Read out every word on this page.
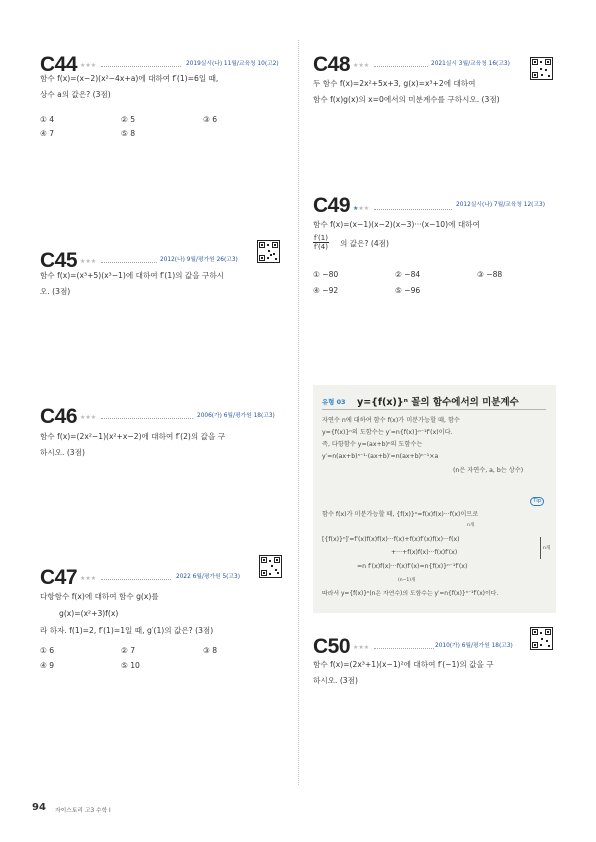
C44 ★★★	2019실시(나) 11월/교육청 10(고2)
함수 f(x)=(x−2)(x²−4x+a)에 대하여 f′(1)=6일 때,
상수 a의 값은? (3점)
① 4	② 5	③ 6
④ 7	⑤ 8
C45 ★★★	2012(나) 9월/평가원 26(고3)
함수 f(x)=(x³+5)(x³−1)에 대하여 f′(1)의 값을 구하시
오. (3점)
C46 ★★★	2006(가) 6월/평가원 18(고3)
함수 f(x)=(2x²−1)(x²+x−2)에 대하여 f′(2)의 값을 구
하시오. (3점)
C47 ★★★	2022 6월/평가원 5(고3)
다항함수 f(x)에 대하여 함수 g(x)를
g(x)=(x²+3)f(x)
라 하자. f(1)=2, f′(1)=1일 때, g′(1)의 값은? (3점)
① 6	② 7	③ 8
④ 9	⑤ 10
C48 ★★★	2021실시 3월/교육청 16(고3)
두 함수 f(x)=2x²+5x+3, g(x)=x³+2에 대하여
함수 f(x)g(x)의 x=0에서의 미분계수를 구하시오. (3점)
C49 ★★★	2012실시(나) 7월/교육청 12(고3)
함수 f(x)=(x−1)(x−2)(x−3)···(x−10)에 대하여
$\frac{f'(1)}{f'(4)}$ 의 값은? (4점)
① −80	② −84	③ −88
④ −92	⑤ −96
유형 03 y={f(x)}ⁿ 꼴의 함수에서의 미분계수
자연수 n에 대하여 함수 f(x)가 미분가능할 때, 함수
y={f(x)}ⁿ의 도함수는 y′=n{f(x)}ⁿ⁻¹f′(x)이다.
즉, 다항함수 y=(ax+b)ⁿ의 도함수는
y′=n(ax+b)ⁿ⁻¹·(ax+b)′=n(ax+b)ⁿ⁻¹×a
(n은 자연수, a, b는 상수)
Tip
함수 f(x)가 미분가능할 때, {f(x)}ⁿ=f(x)f(x)···f(x)이므로
n개
[{f(x)}ⁿ]′=f′(x)f(x)f(x)···f(x)+f(x)f′(x)f(x)···f(x)
+···+f(x)f(x)···f(x)f′(x)
=n f′(x)f(x)···f(x)f′(x)=n{f(x)}ⁿ⁻¹f′(x)
(n−1)개
n개
따라서 y={f(x)}ⁿ(n은 자연수)의 도함수는 y′=n{f(x)}ⁿ⁻¹f′(x)이다.
C50 ★★★	2010(가) 6월/평가원 18(고3)
함수 f(x)=(2x³+1)(x−1)²에 대하여 f′(−1)의 값을 구
하시오. (3점)
94 자이스토리 고3 수학 I
